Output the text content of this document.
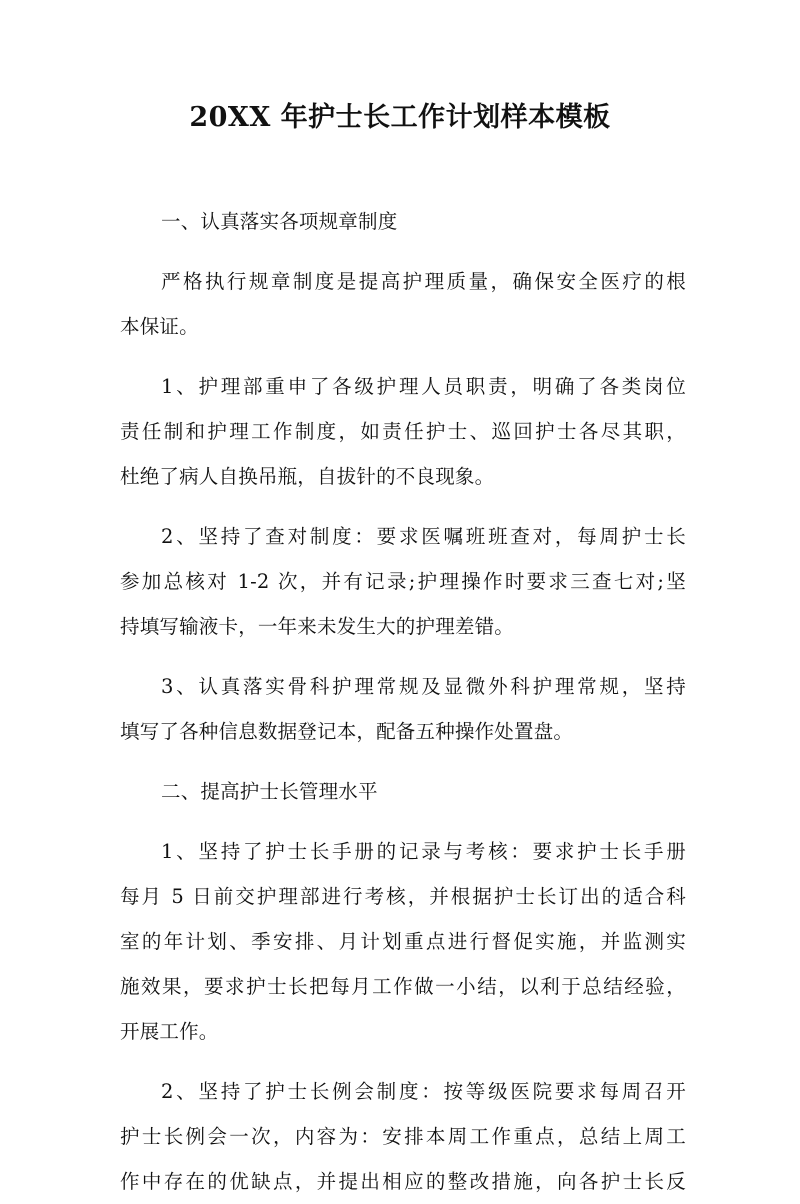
20XX 年护士长工作计划样本模板
一、认真落实各项规章制度
严格执行规章制度是提高护理质量，确保安全医疗的根
本保证。
1、护理部重申了各级护理人员职责，明确了各类岗位
责任制和护理工作制度，如责任护士、巡回护士各尽其职，
杜绝了病人自换吊瓶，自拔针的不良现象。
2、坚持了查对制度：要求医嘱班班查对，每周护士长
参加总核对 1-2 次，并有记录;护理操作时要求三查七对;坚
持填写输液卡，一年来未发生大的护理差错。
3、认真落实骨科护理常规及显微外科护理常规，坚持
填写了各种信息数据登记本，配备五种操作处置盘。
二、提高护士长管理水平
1、坚持了护士长手册的记录与考核：要求护士长手册
每月 5 日前交护理部进行考核，并根据护士长订出的适合科
室的年计划、季安排、月计划重点进行督促实施，并监测实
施效果，要求护士长把每月工作做一小结，以利于总结经验，
开展工作。
2、坚持了护士长例会制度：按等级医院要求每周召开
护士长例会一次，内容为：安排本周工作重点，总结上周工
作中存在的优缺点，并提出相应的整改措施，向各护士长反
